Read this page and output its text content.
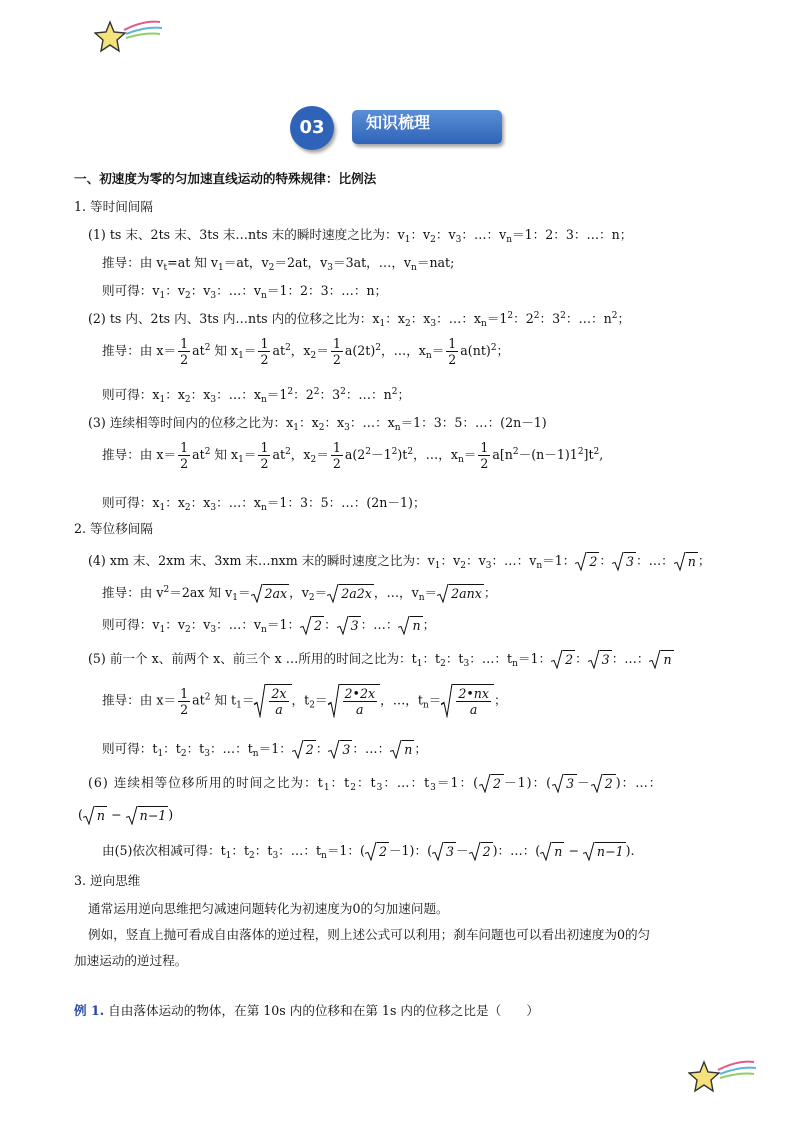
03	知识梳理
一、初速度为零的匀加速直线运动的特殊规律：比例法
1. 等时间间隔
(1) ts 末、2ts 末、3ts 末…nts 末的瞬时速度之比为：$v_1$：$v_2$：$v_3$：…：$v_n=1$：2：3：…：n；
推导：由 $v_t=at$ 知 $v_1=at$，$v_2=2at$，$v_3=3at$，…，$v_n=nat$;
则可得：$v_1$：$v_2$：$v_3$：…：$v_n=1$：2：3：…：n；
(2) ts 内、2ts 内、3ts 内…nts 内的位移之比为：$x_1$：$x_2$：$x_3$：…：$x_n=1^2$：$2^2$：$3^2$：…：$n^2$；
推导：由 $x= \frac{1}{2} at^2$ 知 $x_1= \frac{1}{2} at^2$，$x_2= \frac{1}{2} a(2t)^2$，…，$x_n= \frac{1}{2} a(nt)^2$；
则可得：$x_1$：$x_2$：$x_3$：…：$x_n=1^2$：$2^2$：$3^2$：…：$n^2$；
(3) 连续相等时间内的位移之比为：$x_1$：$x_2$：$x_3$：…：$x_n=1$：3：5：…：(2n－1)
推导：由 $x= \frac{1}{2} at^2$ 知 $x_1= \frac{1}{2} at^2$，$x_2= \frac{1}{2} a(2^2-1^2)t^2$，…，$x_n= \frac{1}{2} a[n^2-(n-1)1^2]t^2$,
则可得：$x_1$：$x_2$：$x_3$：…：$x_n=1$：3：5：…：(2n－1)；
2. 等位移间隔
(4) xm 末、2xm 末、3xm 末…nxm 末的瞬时速度之比为：$v_1$：$v_2$：$v_3$：…：$v_n=1$： 2 ： 3 ：…： n ；
推导：由 $v^2=2ax$ 知 $v_1= 2ax$ ，$v_2= 2a2x$ ，…，$v_n= 2anx$ ；
则可得：$v_1$：$v_2$：$v_3$：…：$v_n=1$： 2 ： 3 ：…： n ；
(5) 前一个 x、前两个 x、前三个 x …所用的时间之比为：$t_1$：$t_2$：$t_3$：…：$t_n=1$： 2 ： 3 ：…： n
推导：由 $x= \frac{1}{2} at^2$ 知 $t_1= \frac{2x}{a}$ ，$t_2= \frac{2•2x}{a}$ ，…，$t_n= \frac{2•nx}{a}$ ；
则可得：$t_1$：$t_2$：$t_3$：…：$t_n=1$： 2 ： 3 ：…： n ；
(6) 连续相等位移所用的时间之比为：$t_1$：$t_2$：$t_3$：…：$t_3=1$：( 2 －1)：( 3 － 2 )：…：
( n −
n−1 )
由(5)依次相减可得：$t_1$：$t_2$：$t_3$：…：$t_n=1$：( 2 －1)：( 3 － 2 )：…：( n −
n−1 ).
3. 逆向思维
通常运用逆向思维把匀减速问题转化为初速度为0的匀加速问题。
例如，竖直上抛可看成自由落体的逆过程，则上述公式可以利用；刹车问题也可以看出初速度为0的匀
加速运动的逆过程。
例 1. 自由落体运动的物体，在第 10s 内的位移和在第 1s 内的位移之比是（　　）
